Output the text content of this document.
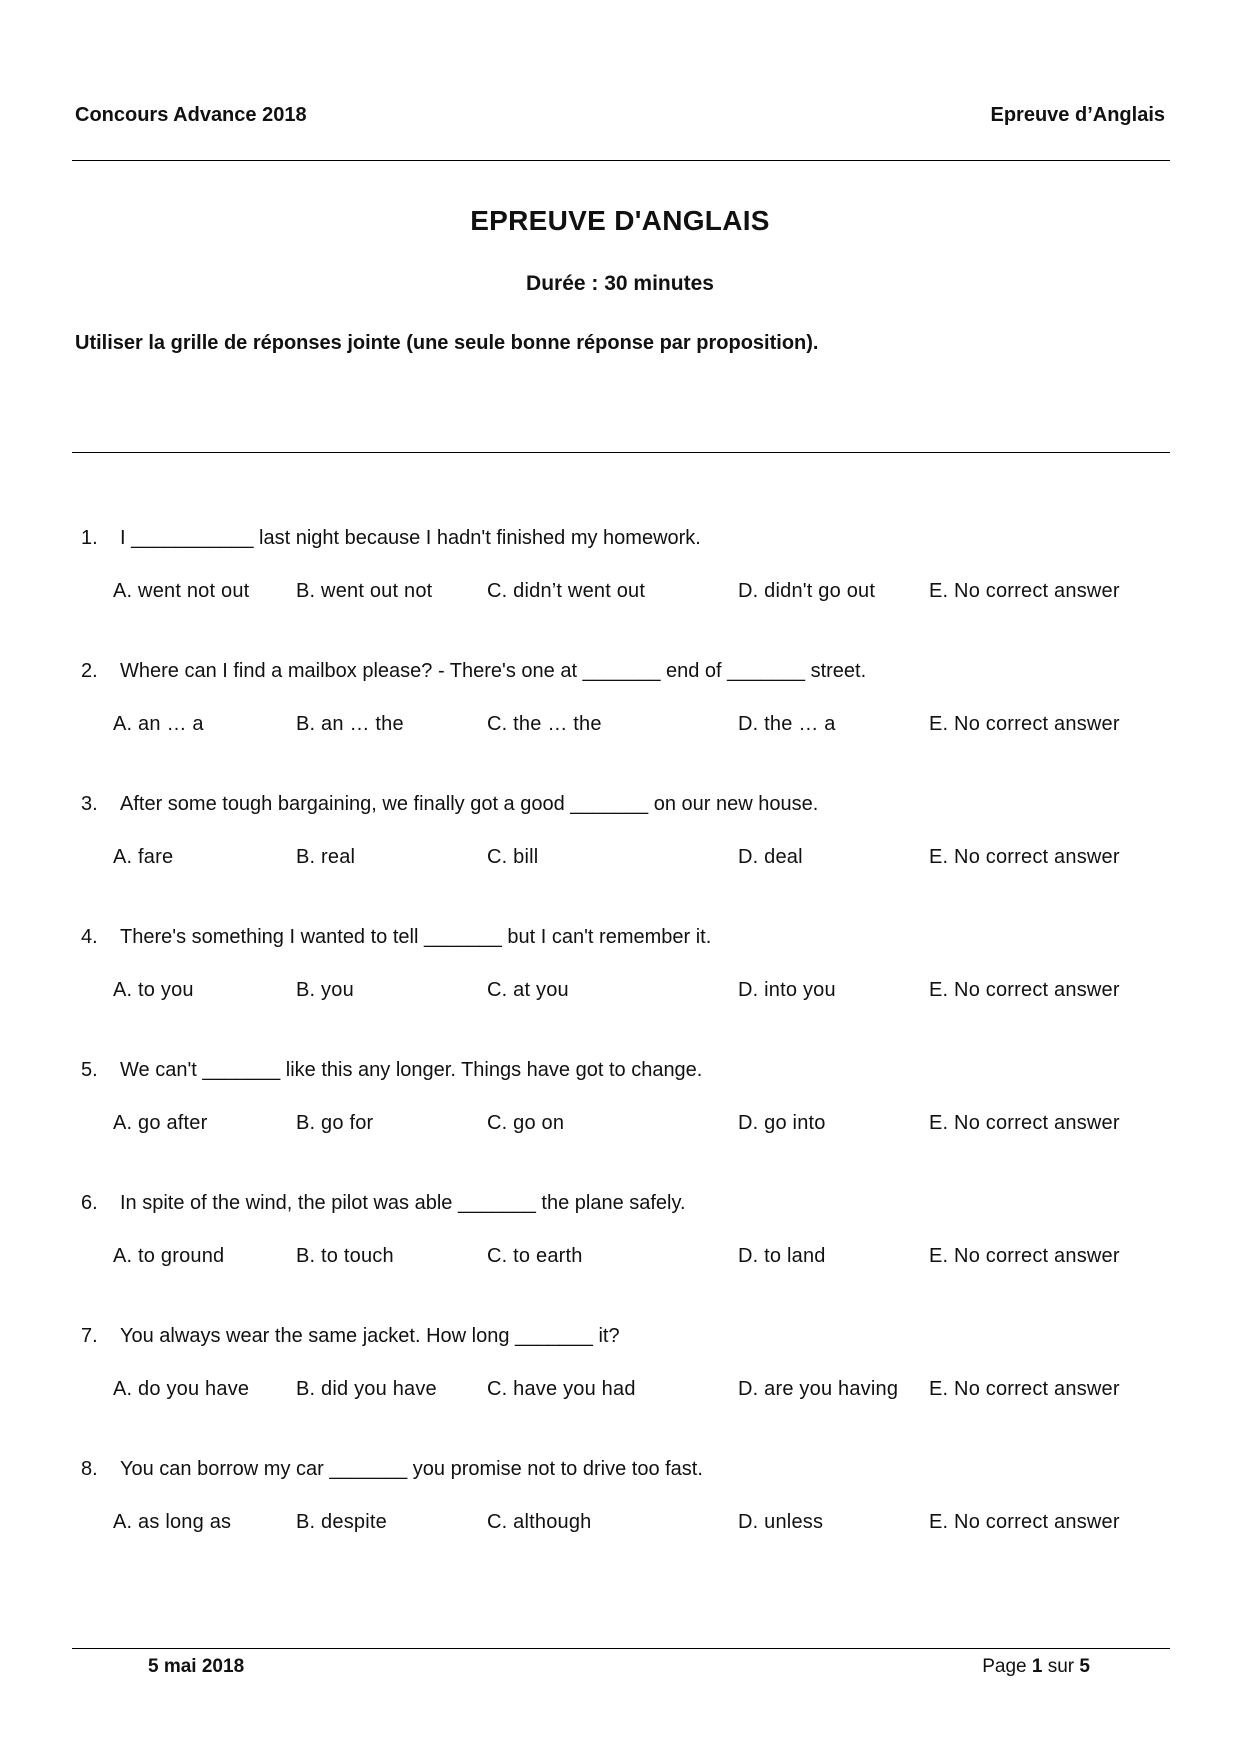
Concours Advance 2018	Epreuve d’Anglais
EPREUVE D'ANGLAIS
Durée : 30 minutes
Utiliser la grille de réponses jointe (une seule bonne réponse par proposition).
1. I ___________ last night because I hadn't finished my homework.
A. went not out B. went out not	C. didn’t went out	D. didn't go out	E. No correct answer
2. Where can I find a mailbox please? - There's one at _______ end of _______ street.
A. an … a	B. an … the	C. the … the	D. the … a	E. No correct answer
3. After some tough bargaining, we finally got a good _______ on our new house.
A. fare	B. real	C. bill	D. deal	E. No correct answer
4. There's something I wanted to tell _______ but I can't remember it.
A. to you	B. you	C. at you	D. into you	E. No correct answer
5. We can't _______ like this any longer. Things have got to change.
A. go after	B. go for	C. go on	D. go into	E. No correct answer
6. In spite of the wind, the pilot was able _______ the plane safely.
A. to ground	B. to touch	C. to earth	D. to land	E. No correct answer
7. You always wear the same jacket. How long _______ it?
A. do you have B. did you have	C. have you had	D. are you having E. No correct answer
8. You can borrow my car _______ you promise not to drive too fast.
A. as long as	B. despite	C. although	D. unless	E. No correct answer
5 mai 2018	Page 1 sur 5
